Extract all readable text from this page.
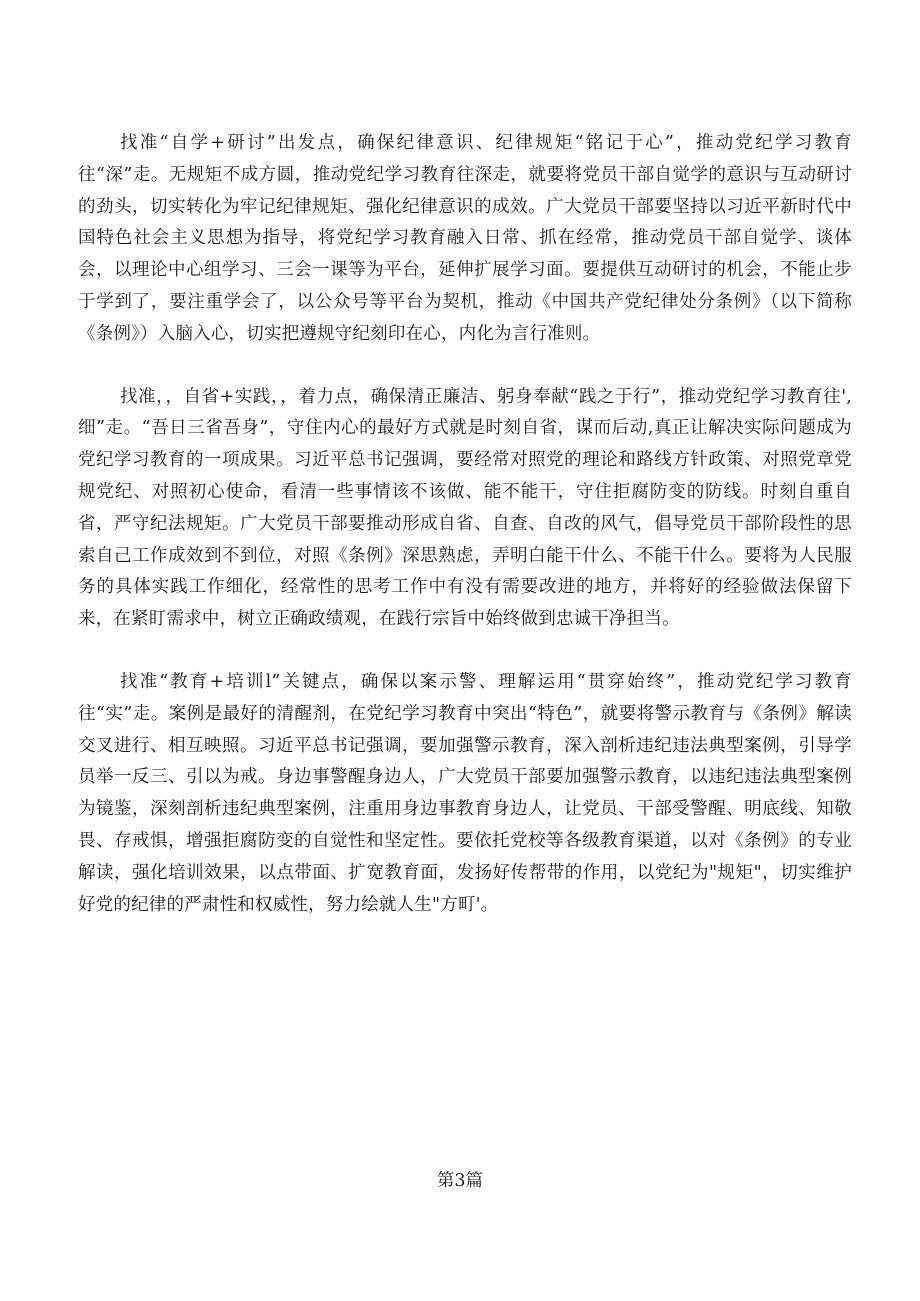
找准“自学+研讨”出发点，确保纪律意识、纪律规矩“铭记于心”，推动党纪学习教育往“深”走。无规矩不成方圆，推动党纪学习教育往深走，就要将党员干部自觉学的意识与互动研讨的劲头，切实转化为牢记纪律规矩、强化纪律意识的成效。广大党员干部要坚持以习近平新时代中国特色社会主义思想为指导，将党纪学习教育融入日常、抓在经常，推动党员干部自觉学、谈体会，以理论中心组学习、三会一课等为平台，延伸扩展学习面。要提供互动研讨的机会，不能止步于学到了，要注重学会了，以公众号等平台为契机，推动《中国共产党纪律处分条例》（以下简称《条例》）入脑入心，切实把遵规守纪刻印在心，内化为言行准则。

找准，，自省+实践，，着力点，确保清正廉洁、躬身奉献“践之于行”，推动党纪学习教育往',细”走。“吾日三省吾身”，守住内心的最好方式就是时刻自省，谋而后动,真正让解决实际问题成为党纪学习教育的一项成果。习近平总书记强调，要经常对照党的理论和路线方针政策、对照党章党规党纪、对照初心使命，看清一些事情该不该做、能不能干，守住拒腐防变的防线。时刻自重自省，严守纪法规矩。广大党员干部要推动形成自省、自查、自改的风气，倡导党员干部阶段性的思索自己工作成效到不到位，对照《条例》深思熟虑，弄明白能干什么、不能干什么。要将为人民服务的具体实践工作细化，经常性的思考工作中有没有需要改进的地方，并将好的经验做法保留下来，在紧盯需求中，树立正确政绩观，在践行宗旨中始终做到忠诚干净担当。

找准“教育+培训l”关键点，确保以案示警、理解运用“贯穿始终”，推动党纪学习教育往“实”走。案例是最好的清醒剂，在党纪学习教育中突出“特色”，就要将警示教育与《条例》解读交叉进行、相互映照。习近平总书记强调，要加强警示教育，深入剖析违纪违法典型案例，引导学员举一反三、引以为戒。身边事警醒身边人，广大党员干部要加强警示教育，以违纪违法典型案例为镜鉴，深刻剖析违纪典型案例，注重用身边事教育身边人，让党员、干部受警醒、明底线、知敬畏、存戒惧，增强拒腐防变的自觉性和坚定性。要依托党校等各级教育渠道，以对《条例》的专业解读，强化培训效果，以点带面、扩宽教育面，发扬好传帮带的作用，以党纪为"规矩"，切实维护好党的纪律的严肃性和权威性，努力绘就人生"方町'。

第3篇
